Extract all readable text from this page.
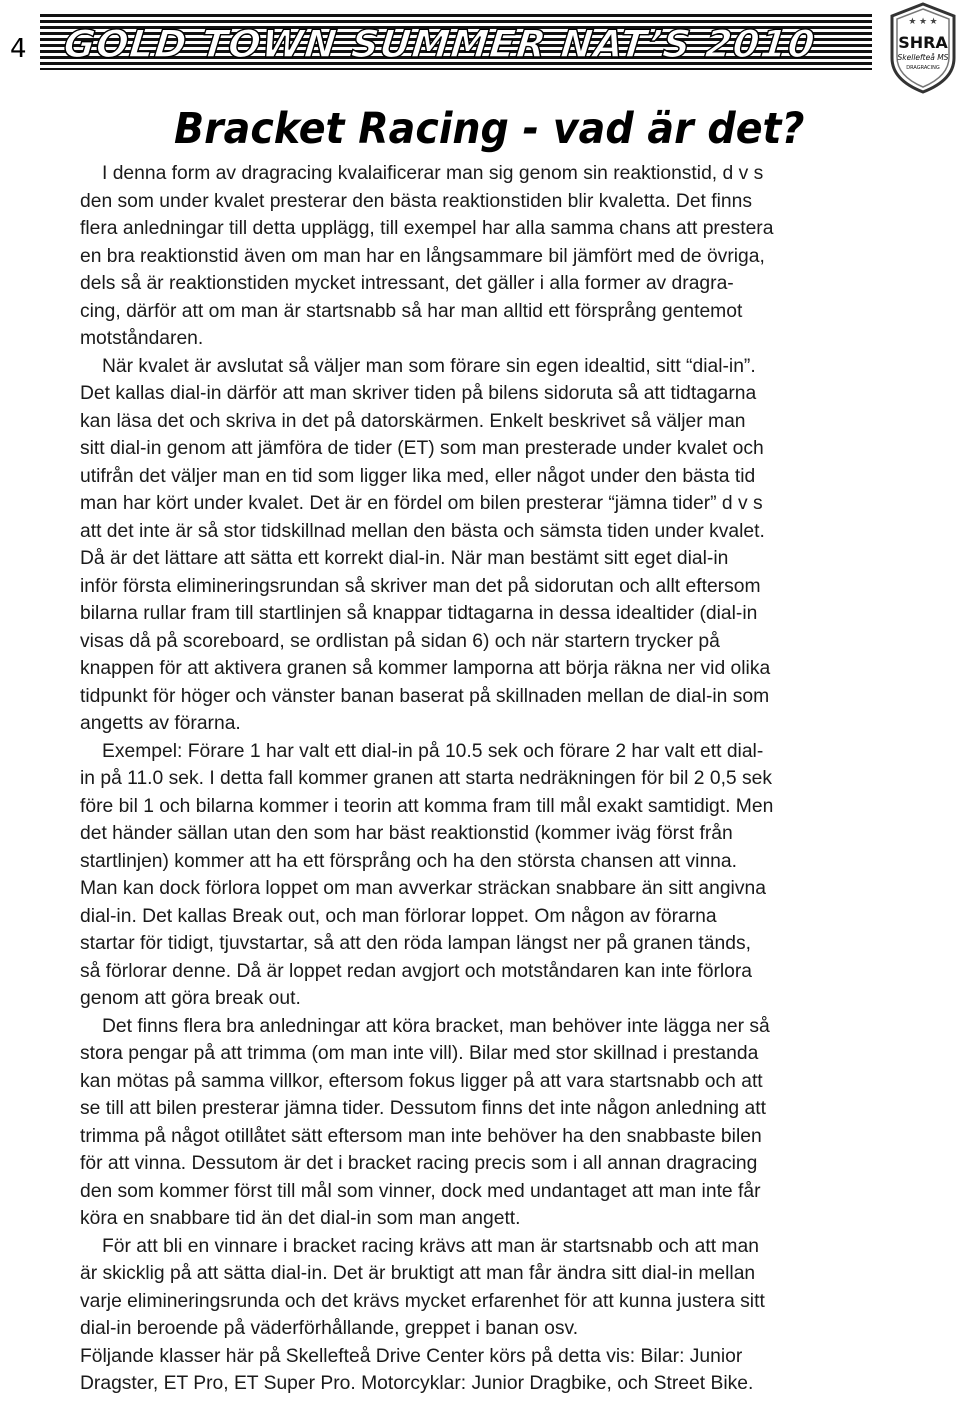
4 GOLD TOWN SUMMER NAT’S 2010
★ ★ ★
SHRA
Skellefteå MS
DRAGRACING
Bracket Racing - vad är det?
I denna form av dragracing kvalaificerar man sig genom sin reaktionstid, d v s
den som under kvalet presterar den bästa reaktionstiden blir kvaletta. Det finns
flera anledningar till detta upplägg, till exempel har alla samma chans att prestera
en bra reaktionstid även om man har en långsammare bil jämfört med de övriga,
dels så är reaktionstiden mycket intressant, det gäller i alla former av dragra-
cing, därför att om man är startsnabb så har man alltid ett försprång gentemot
motståndaren.
När kvalet är avslutat så väljer man som förare sin egen idealtid, sitt “dial-in”.
Det kallas dial-in därför att man skriver tiden på bilens sidoruta så att tidtagarna
kan läsa det och skriva in det på datorskärmen. Enkelt beskrivet så väljer man
sitt dial-in genom att jämföra de tider (ET) som man presterade under kvalet och
utifrån det väljer man en tid som ligger lika med, eller något under den bästa tid
man har kört under kvalet. Det är en fördel om bilen presterar “jämna tider” d v s
att det inte är så stor tidskillnad mellan den bästa och sämsta tiden under kvalet.
Då är det lättare att sätta ett korrekt dial-in. När man bestämt sitt eget dial-in
inför första elimineringsrundan så skriver man det på sidorutan och allt eftersom
bilarna rullar fram till startlinjen så knappar tidtagarna in dessa idealtider (dial-in
visas då på scoreboard, se ordlistan på sidan 6) och när startern trycker på
knappen för att aktivera granen så kommer lamporna att börja räkna ner vid olika
tidpunkt för höger och vänster banan baserat på skillnaden mellan de dial-in som
angetts av förarna.
Exempel: Förare 1 har valt ett dial-in på 10.5 sek och förare 2 har valt ett dial-
in på 11.0 sek. I detta fall kommer granen att starta nedräkningen för bil 2 0,5 sek
före bil 1 och bilarna kommer i teorin att komma fram till mål exakt samtidigt. Men
det händer sällan utan den som har bäst reaktionstid (kommer iväg först från
startlinjen) kommer att ha ett försprång och ha den största chansen att vinna.
Man kan dock förlora loppet om man avverkar sträckan snabbare än sitt angivna
dial-in. Det kallas Break out, och man förlorar loppet. Om någon av förarna
startar för tidigt, tjuvstartar, så att den röda lampan längst ner på granen tänds,
så förlorar denne. Då är loppet redan avgjort och motståndaren kan inte förlora
genom att göra break out.
Det finns flera bra anledningar att köra bracket, man behöver inte lägga ner så
stora pengar på att trimma (om man inte vill). Bilar med stor skillnad i prestanda
kan mötas på samma villkor, eftersom fokus ligger på att vara startsnabb och att
se till att bilen presterar jämna tider. Dessutom finns det inte någon anledning att
trimma på något otillåtet sätt eftersom man inte behöver ha den snabbaste bilen
för att vinna. Dessutom är det i bracket racing precis som i all annan dragracing
den som kommer först till mål som vinner, dock med undantaget att man inte får
köra en snabbare tid än det dial-in som man angett.
För att bli en vinnare i bracket racing krävs att man är startsnabb och att man
är skicklig på att sätta dial-in. Det är bruktigt att man får ändra sitt dial-in mellan
varje elimineringsrunda och det krävs mycket erfarenhet för att kunna justera sitt
dial-in beroende på väderförhållande, greppet i banan osv.
Följande klasser här på Skellefteå Drive Center körs på detta vis: Bilar: Junior
Dragster, ET Pro, ET Super Pro. Motorcyklar: Junior Dragbike, och Street Bike.
